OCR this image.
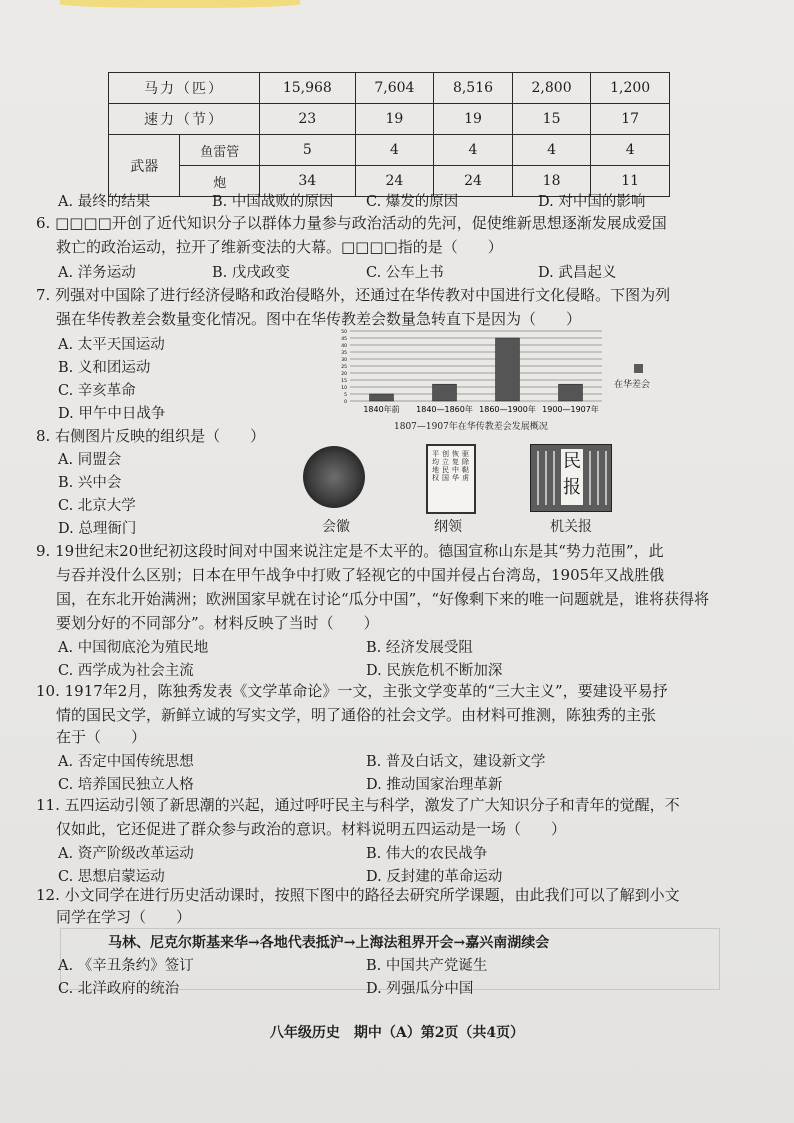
马力（匹）		15,968	7,604	8,516	2,800	1,200
速力（节）		23	19	19	15	17
武器	鱼雷管	5	4	4	4	4
	炮	34	24	24	18	11
A. 最终的结果	B. 中国战败的原因 C. 爆发的原因	D. 对中国的影响
6. □□□□开创了近代知识分子以群体力量参与政治活动的先河，促使维新思想逐渐发展成爱国
救亡的政治运动，拉开了维新变法的大幕。□□□□指的是（　　）
A. 洋务运动	B. 戊戌政变	C. 公车上书	D. 武昌起义
7. 列强对中国除了进行经济侵略和政治侵略外，还通过在华传教对中国进行文化侵略。下图为列
强在华传教差会数量变化情况。图中在华传教差会数量急转直下是因为（　　）
A. 太平天国运动
B. 义和团运动
C. 辛亥革命
D. 甲午中日战争	1840年前 1840—1860年 1860—1900年 1900—1907年
0
5
10
15
20
25
30
35
40
45
50
1807—1907年在华传教差会发展概况
在华差会
8. 右侧图片反映的组织是（　　）
A. 同盟会
B. 兴中会
C. 北京大学
D. 总理衙门
驱除鞑虏
恢复中华
创立民国
平均地权
民报
会徽	纲领	机关报
9. 19世纪末20世纪初这段时间对中国来说注定是不太平的。德国宣称山东是其“势力范围”，此
与吞并没什么区别；日本在甲午战争中打败了轻视它的中国并侵占台湾岛，1905年又战胜俄
国，在东北开始满洲；欧洲国家早就在讨论“瓜分中国”，“好像剩下来的唯一问题就是，谁将获得将
要划分好的不同部分”。材料反映了当时（　　）
A. 中国彻底沦为殖民地	B. 经济发展受阻
C. 西学成为社会主流	D. 民族危机不断加深
10. 1917年2月，陈独秀发表《文学革命论》一文，主张文学变革的“三大主义”，要建设平易抒
情的国民文学，新鲜立诚的写实文学，明了通俗的社会文学。由材料可推测，陈独秀的主张
在于（　　）
A. 否定中国传统思想	B. 普及白话文，建设新文学
C. 培养国民独立人格	D. 推动国家治理革新
11. 五四运动引领了新思潮的兴起，通过呼吁民主与科学，激发了广大知识分子和青年的觉醒，不
仅如此，它还促进了群众参与政治的意识。材料说明五四运动是一场（　　）
A. 资产阶级改革运动	B. 伟大的农民战争
C. 思想启蒙运动	D. 反封建的革命运动
12. 小文同学在进行历史活动课时，按照下图中的路径去研究所学课题，由此我们可以了解到小文
同学在学习（　　）
马林、尼克尔斯基来华→各地代表抵沪→上海法租界开会→嘉兴南湖续会
A. 《辛丑条约》签订	B. 中国共产党诞生
C. 北洋政府的统治	D. 列强瓜分中国
八年级历史　期中（A）第2页（共4页）
